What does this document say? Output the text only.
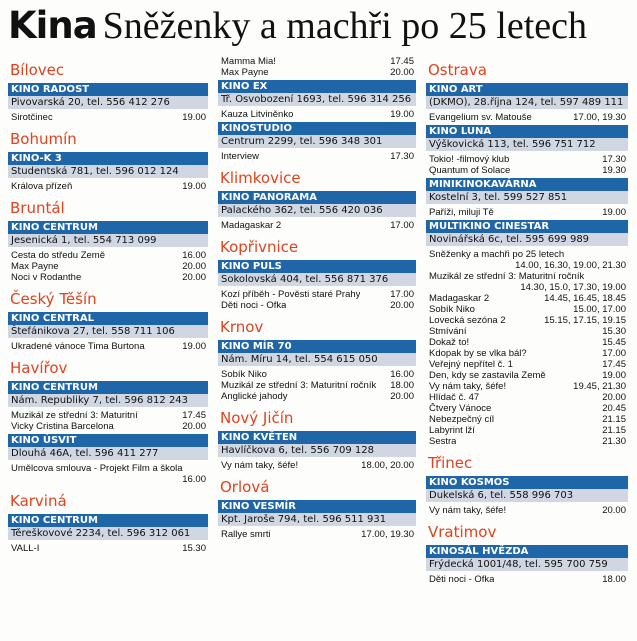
Kina Sněženky a machři po 25 letech
Bílovec
KINO RADOST
Pivovarská 20, tel. 556 412 276
Sirotčinec	19.00
Bohumín
KINO-K 3
Studentská 781, tel. 596 012 124
Králova přízeň	19.00
Bruntál
KINO CENTRUM
Jesenická 1, tel. 554 713 099
Cesta do středu Země	16.00
Max Payne	20.00
Noci v Rodanthe	20.00
Český Těšín
KINO CENTRAL
Štefánikova 27, tel. 558 711 106
Ukradené vánoce Tima Burtona	19.00
Havířov
KINO CENTRUM
Nám. Republiky 7, tel. 596 812 243
Muzikál ze střední 3: Maturitní	17.45
Vicky Cristina Barcelona	20.00
KINO ÚSVIT
Dlouhá 46A, tel. 596 411 277
Umělcova smlouva - Projekt Film a škola
16.00
Karviná
KINO CENTRUM
Těreškovové 2234, tel. 596 312 061
VALL-I	15.30
Mamma Mia!	17.45
Max Payne	20.00
KINO EX
Tř. Osvobození 1693, tel. 596 314 256
Kauza Litviněnko	19.00
KINOSTUDIO
Centrum 2299, tel. 596 348 301
Interview	17.30
Klimkovice
KINO PANORAMA
Palackého 362, tel. 556 420 036
Madagaskar 2	17.00
Kopřivnice
KINO PULS
Sokolovská 404, tel. 556 871 376
Kozí příběh - Pověsti staré Prahy	17.00
Děti noci - Ofka	20.00
Krnov
KINO MÍR 70
Nám. Míru 14, tel. 554 615 050
Sobík Niko	16.00
Muzikál ze střední 3: Maturitní ročník	18.00
Anglické jahody	20.00
Nový Jičín
KINO KVĚTEN
Havlíčkova 6, tel. 556 709 128
Vy nám taky, šéfe!	18.00, 20.00
Orlová
KINO VESMÍR
Kpt. Jaroše 794, tel. 596 511 931
Rallye smrti	17.00, 19.30
Ostrava
KINO ART
(DKMO), 28.října 124, tel. 597 489 111
Evangelium sv. Matouše	17.00, 19.30
KINO LUNA
Výškovická 113, tel. 596 751 712
Tokio! -filmový klub	17.30
Quantum of Solace	19.30
MINIKINOKAVÁRNA
Kostelní 3, tel. 599 527 851
Paříži, miluji Tě	19.00
MULTIKINO CINESTAR
Novinářská 6c, tel. 595 699 989
Sněženky a machři po 25 letech
14.00, 16.30, 19.00, 21.30
Muzikál ze střední 3: Maturitní ročník
14.30, 15.0, 17.30, 19.00
Madagaskar 2	14.45, 16.45, 18.45
Sobík Niko	15.00, 17.00
Lovecká sezóna 2	15.15, 17.15, 19.15
Stmívání	15.30
Dokaž to!	15.45
Kdopak by se vlka bál?	17.00
Veřejný nepřítel č. 1	17.45
Den, kdy se zastavila Země	19.00
Vy nám taky, šéfe!	19.45, 21.30
Hlídač č. 47	20.00
Čtvery Vánoce	20.45
Nebezpečný cíl	21.15
Labyrint lží	21.15
Sestra	21.30
Třinec
KINO KOSMOS
Dukelská 6, tel. 558 996 703
Vy nám taky, šéfe!	20.00
Vratimov
KINOSÁL HVĚZDA
Frýdecká 1001/48, tel. 595 700 759
Děti noci - Ofka	18.00
